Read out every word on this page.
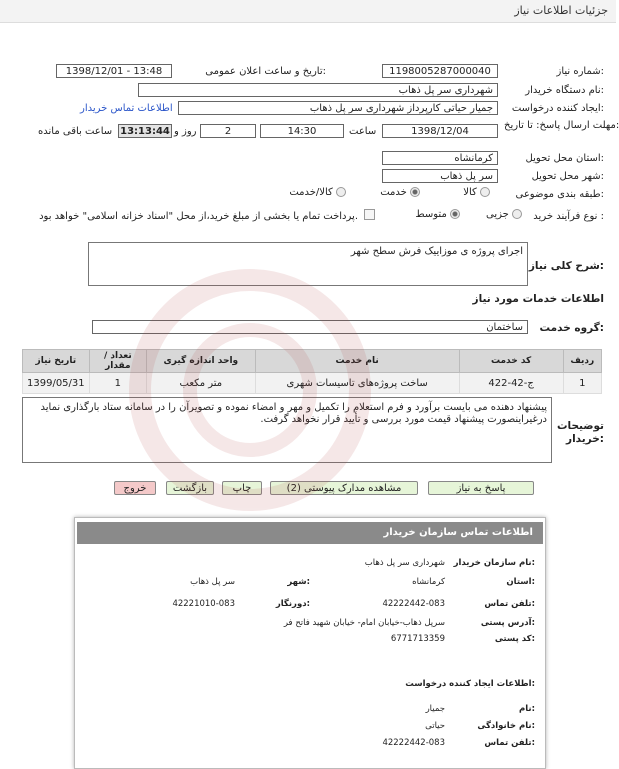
جزئیات اطلاعات نیاز
شماره نیاز:
1198005287000040
تاریخ و ساعت اعلان عمومی:
1398/12/01 - 13:48
نام دستگاه خریدار:
شهرداری سر پل ذهاب
ایجاد کننده درخواست:
جمیار حیاتی کارپرداز شهرداری سر پل ذهاب
اطلاعات تماس خریدار
مهلت ارسال پاسخ: تا تاریخ:
1398/12/04
ساعت
14:30
2
روز و
13:13:44
ساعت باقی مانده
استان محل تحویل:
کرمانشاه
شهر محل تحویل:
سر پل ذهاب
طبقه بندی موضوعی:
کالا
خدمت
کالا/خدمت
نوع فرآیند خرید :
جزیی
متوسط
پرداخت تمام یا بخشی از مبلغ خرید،از محل "اسناد خزانه اسلامی" خواهد بود.
شرح کلی نیاز:
اجرای پروژه ی موزاییک فرش سطح شهر
اطلاعات خدمات مورد نیاز
گروه خدمت:
ساختمان
تاریخ نیاز	تعداد / مقدار	واحد اندازه گیری	نام خدمت	کد خدمت	ردیف
1399/05/31	1	متر مکعب	ساخت پروژه‌های تاسیسات شهری	ج-42-422	1
توضیحات خریدار:
پیشنهاد دهنده می بایست برآورد و فرم استعلام را تکمیل و مهر و امضاء نموده و تصویرآن را در سامانه ستاد بارگذاری نماید درغیراینصورت پیشنهاد قیمت مورد بررسی و تأیید قرار نخواهد گرفت.
پاسخ به نیاز
مشاهده مدارک پیوستی (2)
چاپ
بازگشت
خروج
اطلاعات تماس سازمان خریدار
نام سازمان خریدار:
شهرداری سر پل ذهاب
استان:
کرمانشاه
شهر:
سر پل ذهاب
تلفن تماس:
42222442-083
دورنگار:
42221010-083
آدرس پستی:
سرپل ذهاب-خیابان امام- خیابان شهید فاتح فر
کد پستی:
6771713359
اطلاعات ایجاد کننده درخواست:
نام:
جمیار
نام خانوادگی:
حیاتی
تلفن تماس:
42222442-083
